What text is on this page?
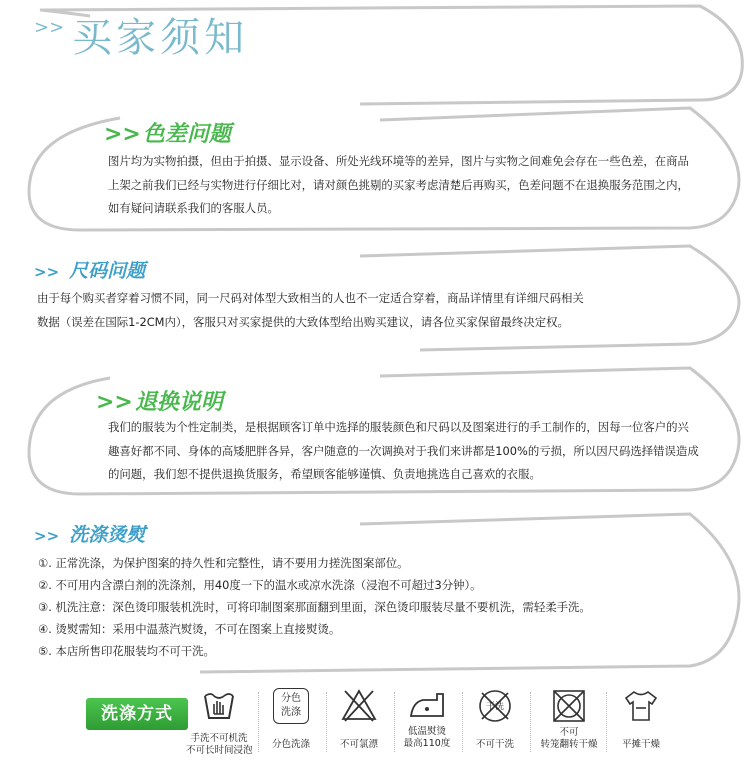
>> 买家须知
>>色差问题

图片均为实物拍摄，但由于拍摄、显示设备、所处光线环境等的差异，图片与实物之间难免会存在一些色差，在商品

上架之前我们已经与实物进行仔细比对，请对颜色挑剔的买家考虑清楚后再购买，色差问题不在退换服务范围之内，

如有疑问请联系我们的客服人员。

>> 尺码问题

由于每个购买者穿着习惯不同，同一尺码对体型大致相当的人也不一定适合穿着，商品详情里有详细尺码相关

数据（误差在国际1-2CM内），客服只对买家提供的大致体型给出购买建议，请各位买家保留最终决定权。

>>退换说明

我们的服装为个性定制类，是根据顾客订单中选择的服装颜色和尺码以及图案进行的手工制作的，因每一位客户的兴

趣喜好都不同、身体的高矮肥胖各异，客户随意的一次调换对于我们来讲都是100%的亏损，所以因尺码选择错误造成

的问题，我们恕不提供退换货服务，希望顾客能够谨慎、负责地挑选自己喜欢的衣服。

>> 洗涤烫熨

①. 正常洗涤，为保护图案的持久性和完整性，请不要用力搓洗图案部位。

②. 不可用内含漂白剂的洗涤剂，用40度一下的温水或凉水洗涤（浸泡不可超过3分钟）。

③. 机洗注意：深色烫印服装机洗时，可将印制图案那面翻到里面，深色烫印服装尽量不要机洗，需轻柔手洗。

④. 烫熨需知：采用中温蒸汽熨烫，不可在图案上直接熨烫。

⑤. 本店所售印花服装均不可干洗。

洗涤方式
手洗不可机洗
不可长时间浸泡
分色
洗涤
分色洗涤	不可氯漂
低温熨烫
最高110度
干洗
不可干洗
不可
转笼翻转干燥	平摊干燥
